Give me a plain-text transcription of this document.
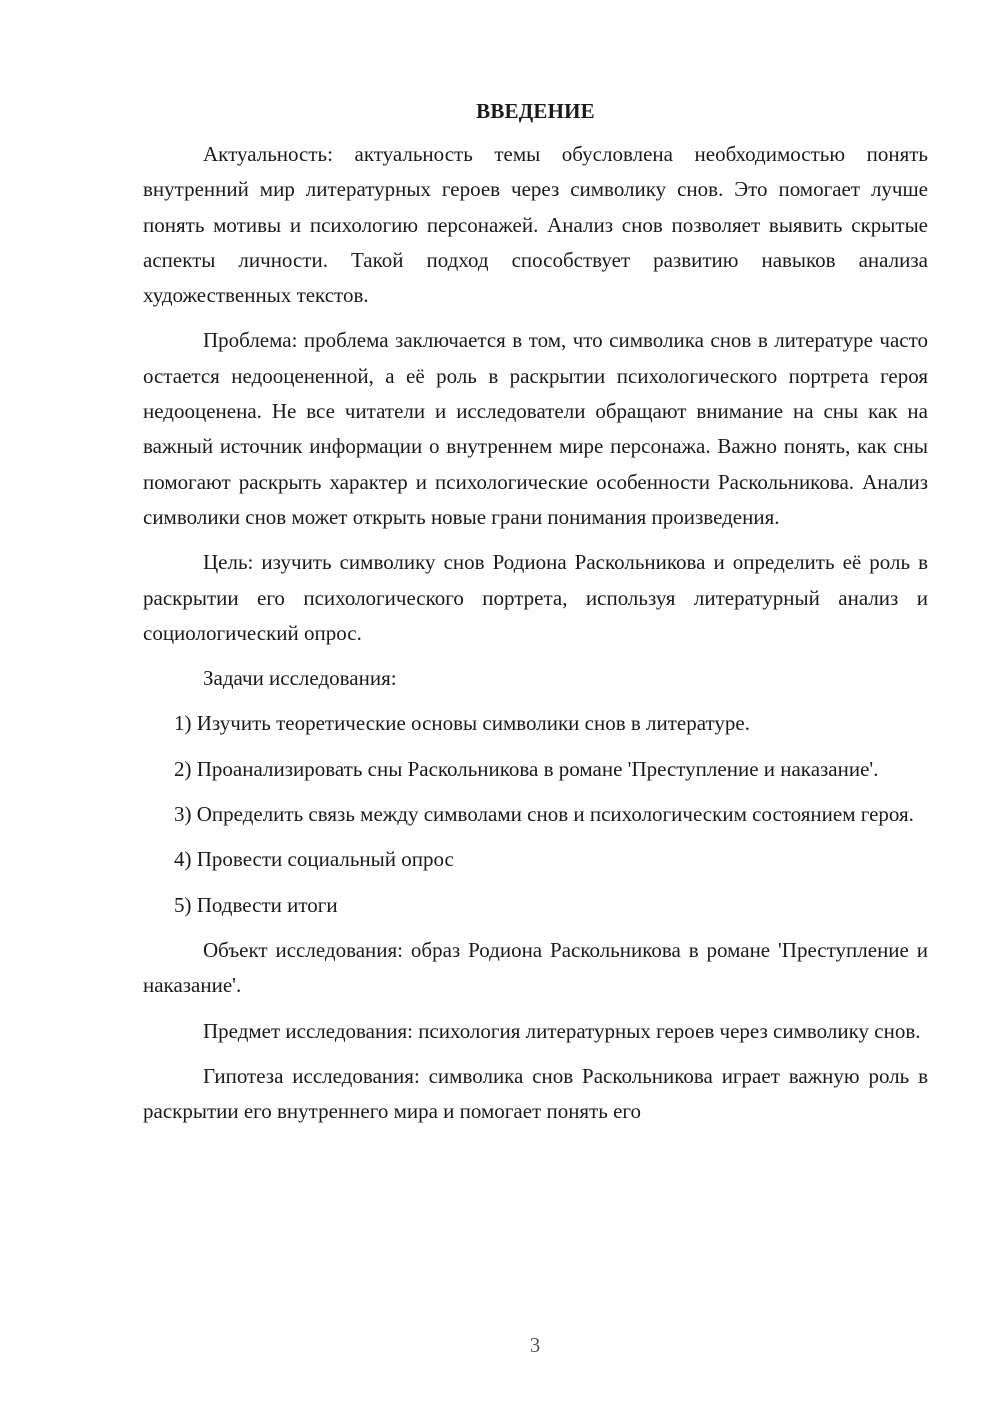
ВВЕДЕНИЕ

Актуальность: актуальность темы обусловлена необходимостью понять внутренний мир литературных героев через символику снов. Это помогает лучше понять мотивы и психологию персонажей. Анализ снов позволяет выявить скрытые аспекты личности. Такой подход способствует развитию навыков анализа художественных текстов.

Проблема: проблема заключается в том, что символика снов в литературе часто остается недооцененной, а её роль в раскрытии психологического портрета героя недооценена. Не все читатели и исследователи обращают внимание на сны как на важный источник информации о внутреннем мире персонажа. Важно понять, как сны помогают раскрыть характер и психологические особенности Раскольникова. Анализ символики снов может открыть новые грани понимания произведения.

Цель: изучить символику снов Родиона Раскольникова и определить её роль в раскрытии его психологического портрета, используя литературный анализ и социологический опрос.

Задачи исследования:

1) Изучить теоретические основы символики снов в литературе.

2) Проанализировать сны Раскольникова в романе 'Преступление и наказание'.

3) Определить связь между символами снов и психологическим состоянием героя.

4) Провести социальный опрос

5) Подвести итоги

Объект исследования: образ Родиона Раскольникова в романе 'Преступление и наказание'.

Предмет исследования: психология литературных героев через символику снов.

Гипотеза исследования: символика снов Раскольникова играет важную роль в раскрытии его внутреннего мира и помогает понять его

3
